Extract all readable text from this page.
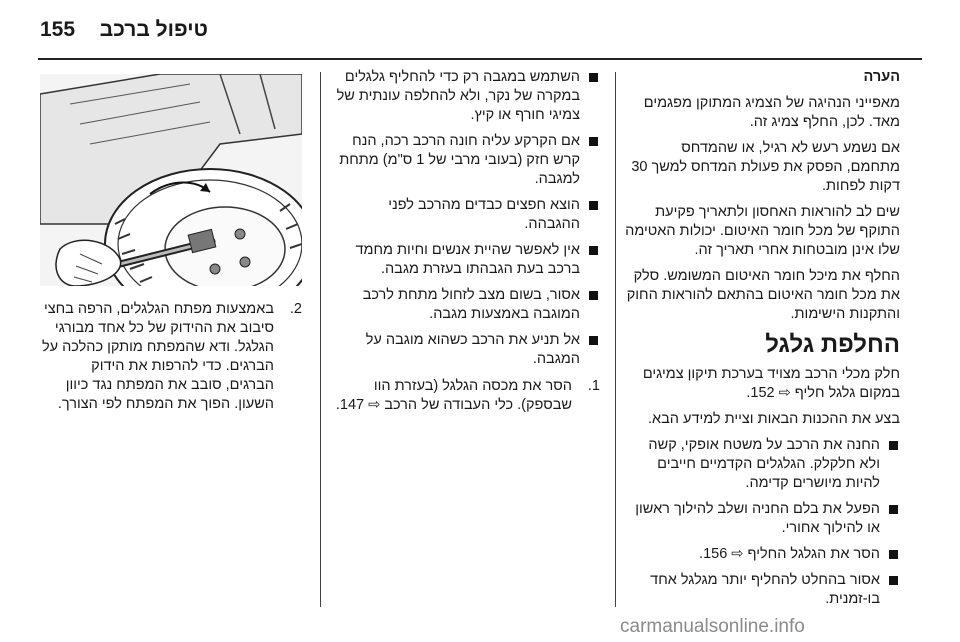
155 טיפול ברכב

הערה

מאפייני הנהיגה של הצמיג המתוקן מפגמים מאד. לכן, החלף צמיג זה.

אם נשמע רעש לא רגיל, או שהמדחס מתחמם, הפסק את פעולת המדחס למשך 30 דקות לפחות.

שים לב להוראות האחסון ולתאריך פקיעת התוקף של מכל חומר האיטום. יכולות האטימה שלו אינן מובטחות אחרי תאריך זה.

החלף את מיכל חומר האיטום המשומש. סלק את מכל חומר האיטום בהתאם להוראות החוק והתקנות הישימות.

החלפת גלגל

חלק מכלי הרכב מצויד בערכת תיקון צמיגים במקום גלגל חליף ⇨ 152.

בצע את ההכנות הבאות וציית למידע הבא.

החנה את הרכב על משטח אופקי, קשה ולא חלקלק. הגלגלים הקדמיים חייבים להיות מיושרים קדימה.
הפעל את בלם החניה ושלב להילוך ראשון או להילוך אחורי.
הסר את הגלגל החליף ⇨ 156.
אסור בהחלט להחליף יותר מגלגל אחד בו-זמנית.
השתמש במגבה רק כדי להחליף גלגלים במקרה של נקר, ולא להחלפה עונתית של צמיגי חורף או קיץ.
אם הקרקע עליה חונה הרכב רכה, הנח קרש חזק (בעובי מרבי של 1 ס"מ) מתחת למגבה.
הוצא חפצים כבדים מהרכב לפני ההגבהה.
אין לאפשר שהיית אנשים וחיות מחמד ברכב בעת הגבהתו בעזרת מגבה.
אסור, בשום מצב לזחול מתחת לרכב המוגבה באמצעות מגבה.
אל תניע את הרכב כשהוא מוגבה על המגבה.

1.
הסר את מכסה הגלגל (בעזרת הוו שבספק). כלי העבודה של הרכב ⇨ 147.

2.
באמצעות מפתח הגלגלים, הרפה בחצי סיבוב את ההידוק של כל אחד מבורגי הגלגל. ודא שהמפתח מותקן כהלכה על הברגים. כדי להרפות את הידוק הברגים, סובב את המפתח נגד כיוון השעון. הפוך את המפתח לפי הצורך.

carmanualsonline.info
